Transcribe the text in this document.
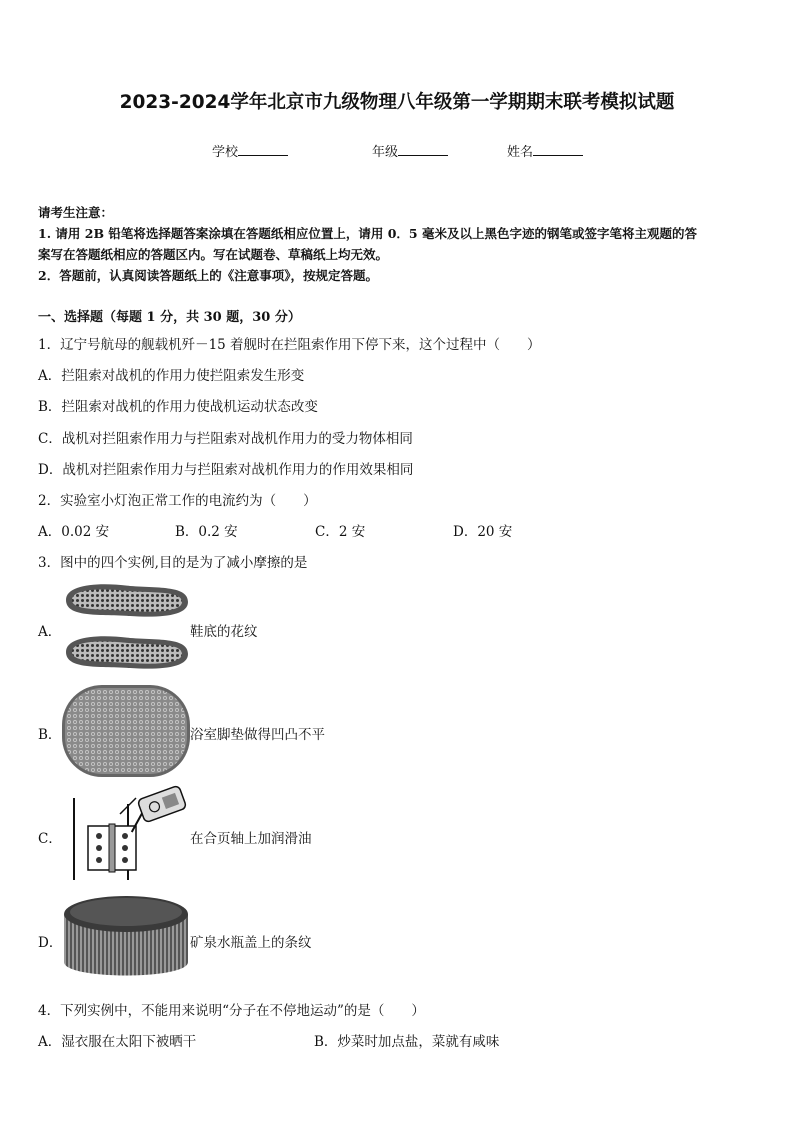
2023-2024学年北京市九级物理八年级第一学期期末联考模拟试题
学校	年级	姓名
请考生注意：
1. 请用 2B 铅笔将选择题答案涂填在答题纸相应位置上，请用 0．5 毫米及以上黑色字迹的钢笔或签字笔将主观题的答
案写在答题纸相应的答题区内。写在试题卷、草稿纸上均无效。
2．答题前，认真阅读答题纸上的《注意事项》，按规定答题。
一、选择题（每题 1 分，共 30 题，30 分）
1．辽宁号航母的舰载机歼－15 着舰时在拦阻索作用下停下来，这个过程中（　　）
A．拦阻索对战机的作用力使拦阻索发生形变
B．拦阻索对战机的作用力使战机运动状态改变
C．战机对拦阻索作用力与拦阻索对战机作用力的受力物体相同
D．战机对拦阻索作用力与拦阻索对战机作用力的作用效果相同
2．实验室小灯泡正常工作的电流约为（　　）
A．0.02 安	B．0.2 安	C．2 安	D．20 安
3．图中的四个实例,目的是为了减小摩擦的是
A．	鞋底的花纹
B．	浴室脚垫做得凹凸不平
C．	在合页轴上加润滑油
D．	矿泉水瓶盖上的条纹
4．下列实例中，不能用来说明“分子在不停地运动”的是（　　）
A．湿衣服在太阳下被晒干	B．炒菜时加点盐，菜就有咸味
